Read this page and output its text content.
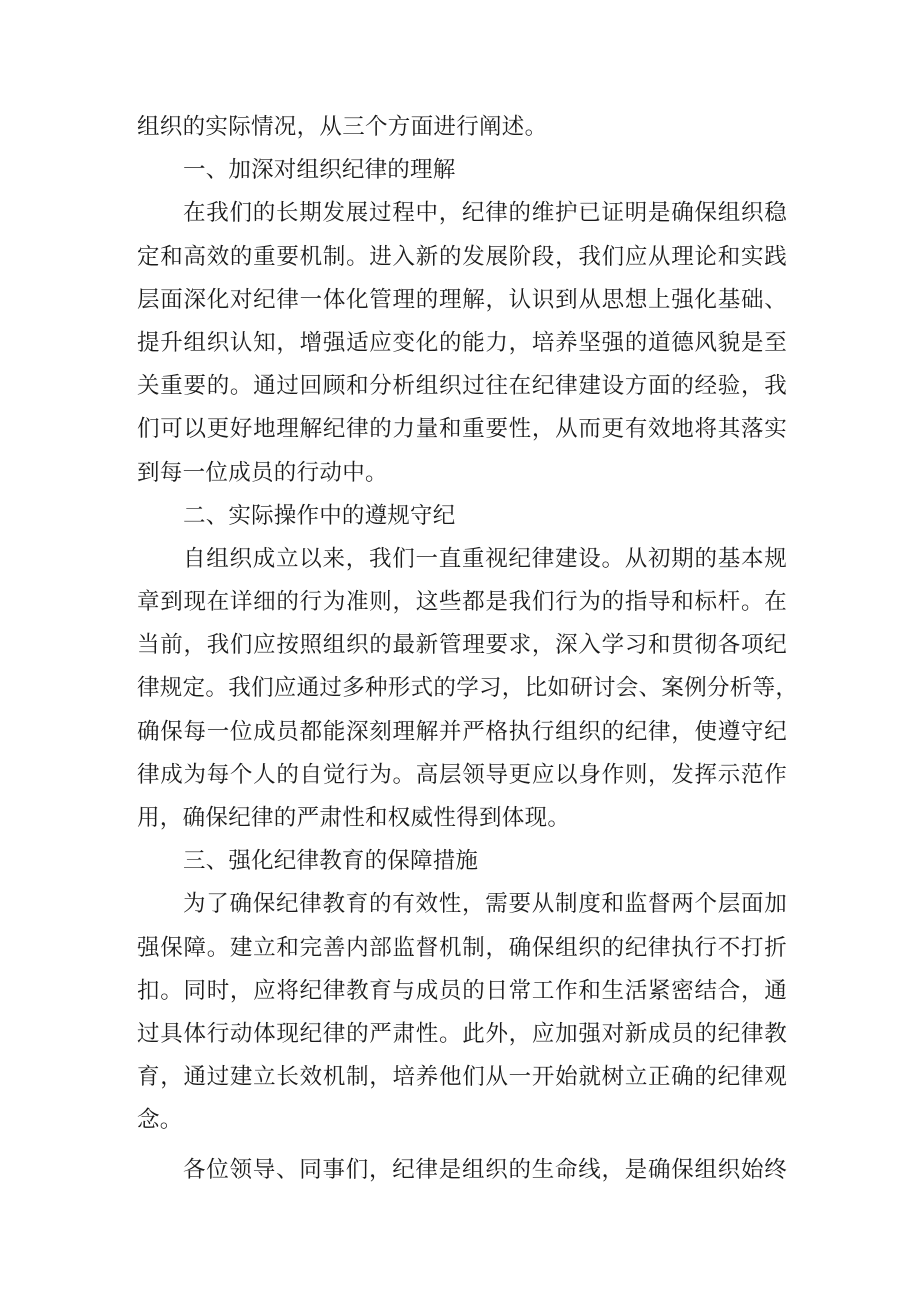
组织的实际情况，从三个方面进行阐述。
一、加深对组织纪律的理解
在我们的长期发展过程中，纪律的维护已证明是确保组织稳
定和高效的重要机制。进入新的发展阶段，我们应从理论和实践
层面深化对纪律一体化管理的理解，认识到从思想上强化基础、
提升组织认知，增强适应变化的能力，培养坚强的道德风貌是至
关重要的。通过回顾和分析组织过往在纪律建设方面的经验，我
们可以更好地理解纪律的力量和重要性，从而更有效地将其落实
到每一位成员的行动中。
二、实际操作中的遵规守纪
自组织成立以来，我们一直重视纪律建设。从初期的基本规
章到现在详细的行为准则，这些都是我们行为的指导和标杆。在
当前，我们应按照组织的最新管理要求，深入学习和贯彻各项纪
律规定。我们应通过多种形式的学习，比如研讨会、案例分析等，
确保每一位成员都能深刻理解并严格执行组织的纪律，使遵守纪
律成为每个人的自觉行为。高层领导更应以身作则，发挥示范作
用，确保纪律的严肃性和权威性得到体现。
三、强化纪律教育的保障措施
为了确保纪律教育的有效性，需要从制度和监督两个层面加
强保障。建立和完善内部监督机制，确保组织的纪律执行不打折
扣。同时，应将纪律教育与成员的日常工作和生活紧密结合，通
过具体行动体现纪律的严肃性。此外，应加强对新成员的纪律教
育，通过建立长效机制，培养他们从一开始就树立正确的纪律观
念。
各位领导、同事们，纪律是组织的生命线，是确保组织始终
